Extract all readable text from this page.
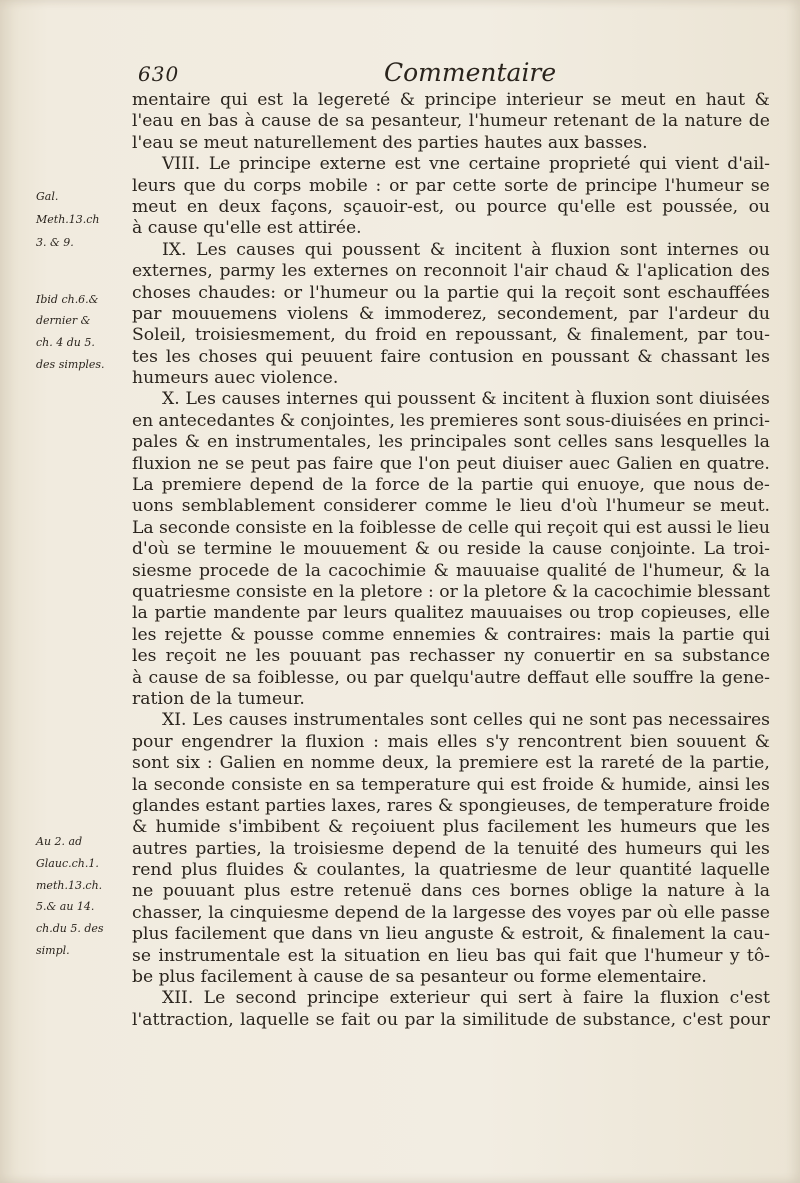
630	Commentaire
Gal.
Meth.13.ch
3. & 9.
Ibid ch.6.&
dernier &
ch. 4 du 5.
des simples.
Au 2. ad
Glauc.ch.1.
meth.13.ch.
5.& au 14.
ch.du 5. des
simpl.
mentaire qui est la legereté & principe interieur se meut en haut &
l'eau en bas à cause de sa pesanteur, l'humeur retenant de la nature de
l'eau se meut naturellement des parties hautes aux basses.
VIII. Le principe externe est vne certaine proprieté qui vient d'ail-
leurs que du corps mobile : or par cette sorte de principe l'humeur se
meut en deux façons, sçauoir-est, ou pource qu'elle est poussée, ou
à cause qu'elle est attirée.
IX. Les causes qui poussent & incitent à fluxion sont internes ou
externes, parmy les externes on reconnoit l'air chaud & l'aplication des
choses chaudes: or l'humeur ou la partie qui la reçoit sont eschauffées
par mouuemens violens & immoderez, secondement, par l'ardeur du
Soleil, troisiesmement, du froid en repoussant, & finalement, par tou-
tes les choses qui peuuent faire contusion en poussant & chassant les
humeurs auec violence.
X. Les causes internes qui poussent & incitent à fluxion sont diuisées
en antecedantes & conjointes, les premieres sont sous-diuisées en princi-
pales & en instrumentales, les principales sont celles sans lesquelles la
fluxion ne se peut pas faire que l'on peut diuiser auec Galien en quatre.
La premiere depend de la force de la partie qui enuoye, que nous de-
uons semblablement considerer comme le lieu d'où l'humeur se meut.
La seconde consiste en la foiblesse de celle qui reçoit qui est aussi le lieu
d'où se termine le mouuement & ou reside la cause conjointe. La troi-
siesme procede de la cacochimie & mauuaise qualité de l'humeur, & la
quatriesme consiste en la pletore : or la pletore & la cacochimie blessant
la partie mandente par leurs qualitez mauuaises ou trop copieuses, elle
les rejette & pousse comme ennemies & contraires: mais la partie qui
les reçoit ne les pouuant pas rechasser ny conuertir en sa substance
à cause de sa foiblesse, ou par quelqu'autre deffaut elle souffre la gene-
ration de la tumeur.
XI. Les causes instrumentales sont celles qui ne sont pas necessaires
pour engendrer la fluxion : mais elles s'y rencontrent bien souuent &
sont six : Galien en nomme deux, la premiere est la rareté de la partie,
la seconde consiste en sa temperature qui est froide & humide, ainsi les
glandes estant parties laxes, rares & spongieuses, de temperature froide
& humide s'imbibent & reçoiuent plus facilement les humeurs que les
autres parties, la troisiesme depend de la tenuité des humeurs qui les
rend plus fluides & coulantes, la quatriesme de leur quantité laquelle
ne pouuant plus estre retenuë dans ces bornes oblige la nature à la
chasser, la cinquiesme depend de la largesse des voyes par où elle passe
plus facilement que dans vn lieu anguste & estroit, & finalement la cau-
se instrumentale est la situation en lieu bas qui fait que l'humeur y tô-
be plus facilement à cause de sa pesanteur ou forme elementaire.
XII. Le second principe exterieur qui sert à faire la fluxion c'est
l'attraction, laquelle se fait ou par la similitude de substance, c'est pour
